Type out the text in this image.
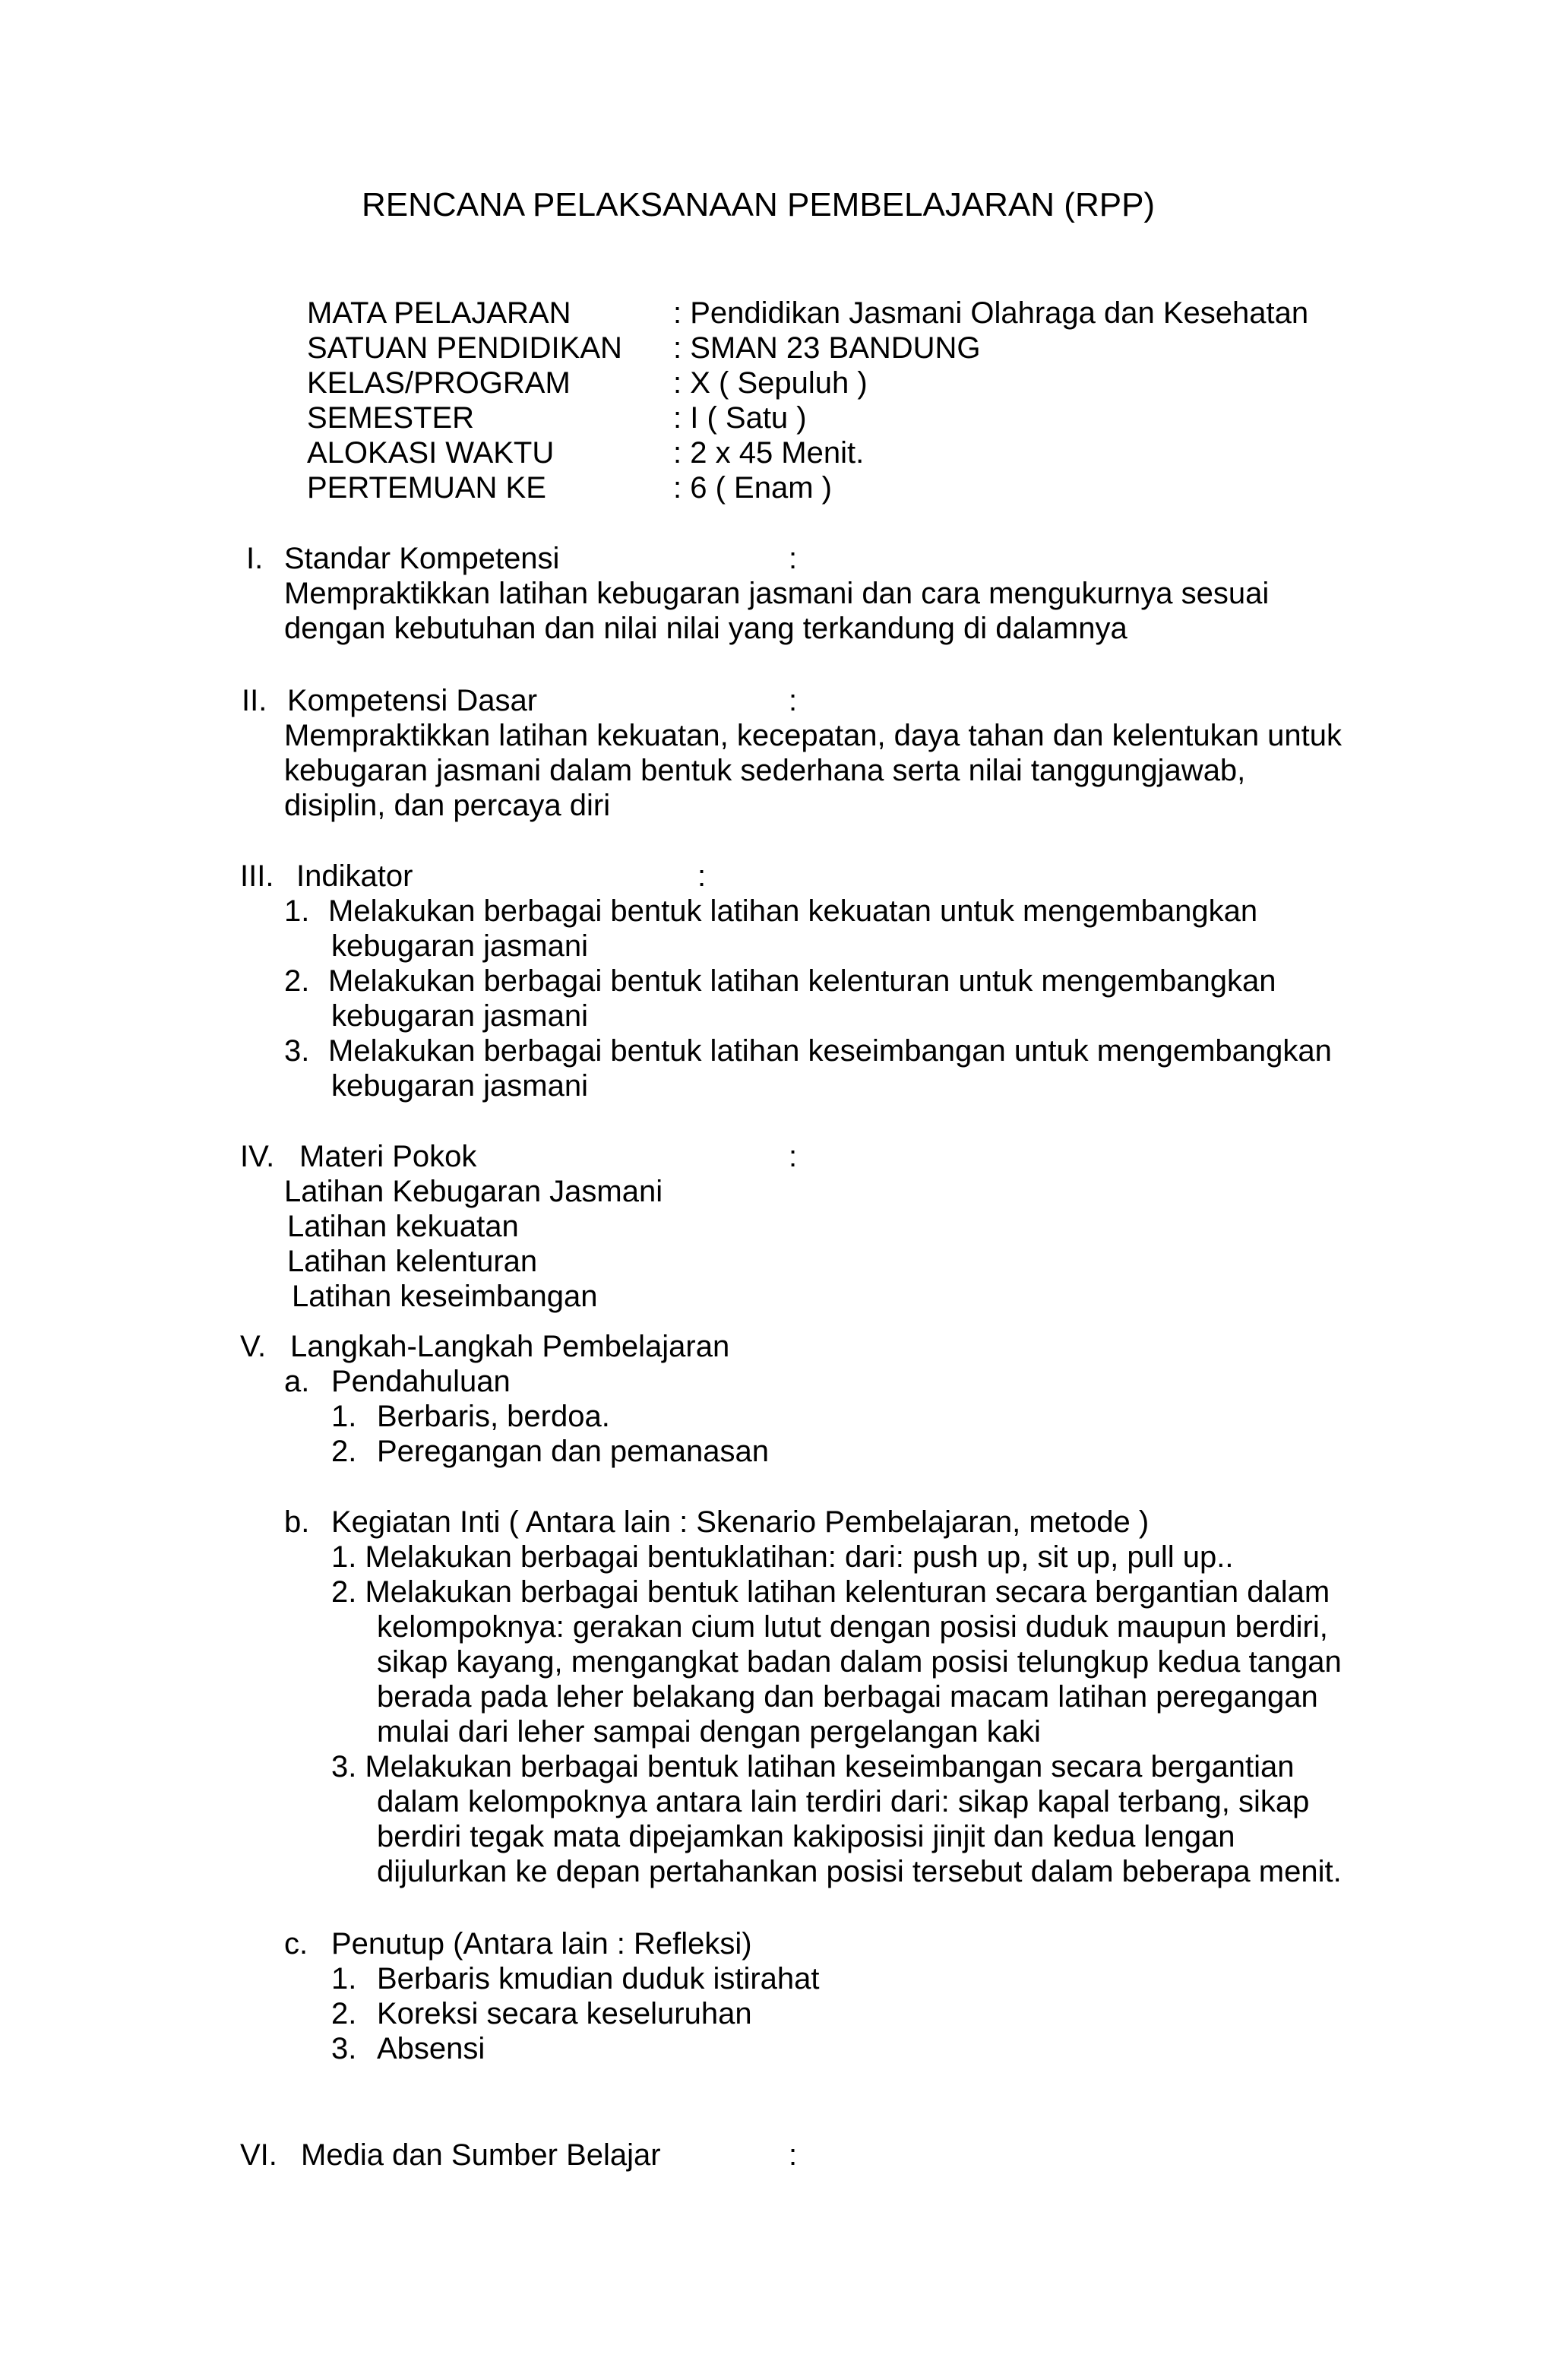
RENCANA PELAKSANAAN PEMBELAJARAN (RPP)
MATA PELAJARAN	: Pendidikan Jasmani Olahraga dan Kesehatan
SATUAN PENDIDIKAN : SMAN 23 BANDUNG
KELAS/PROGRAM	: X ( Sepuluh )
SEMESTER	: I ( Satu )
ALOKASI WAKTU	: 2 x 45 Menit.
PERTEMUAN KE	: 6 ( Enam )
I. Standar Kompetensi	:
Mempraktikkan latihan kebugaran jasmani dan cara mengukurnya sesuai
dengan kebutuhan dan nilai nilai yang terkandung di dalamnya
II. Kompetensi Dasar	:
Mempraktikkan latihan kekuatan, kecepatan, daya tahan dan kelentukan untuk
kebugaran jasmani dalam bentuk sederhana serta nilai tanggungjawab,
disiplin, dan percaya diri
III. Indikator	:
1. Melakukan berbagai bentuk latihan kekuatan untuk mengembangkan
kebugaran jasmani
2. Melakukan berbagai bentuk latihan kelenturan untuk mengembangkan
kebugaran jasmani
3. Melakukan berbagai bentuk latihan keseimbangan untuk mengembangkan
kebugaran jasmani
IV. Materi Pokok	:
Latihan Kebugaran Jasmani
Latihan kekuatan
Latihan kelenturan
Latihan keseimbangan
V. Langkah-Langkah Pembelajaran
a. Pendahuluan
1. Berbaris, berdoa.
2. Peregangan dan pemanasan
b. Kegiatan Inti ( Antara lain : Skenario Pembelajaran, metode )
1. Melakukan berbagai bentuklatihan: dari: push up, sit up, pull up..
2. Melakukan berbagai bentuk latihan kelenturan secara bergantian dalam
kelompoknya: gerakan cium lutut dengan posisi duduk maupun berdiri,
sikap kayang, mengangkat badan dalam posisi telungkup kedua tangan
berada pada leher belakang dan berbagai macam latihan peregangan
mulai dari leher sampai dengan pergelangan kaki
3. Melakukan berbagai bentuk latihan keseimbangan secara bergantian
dalam kelompoknya antara lain terdiri dari: sikap kapal terbang, sikap
berdiri tegak mata dipejamkan kakiposisi jinjit dan kedua lengan
dijulurkan ke depan pertahankan posisi tersebut dalam beberapa menit.
c. Penutup (Antara lain : Refleksi)
1. Berbaris kmudian duduk istirahat
2. Koreksi secara keseluruhan
3. Absensi
VI. Media dan Sumber Belajar	:
